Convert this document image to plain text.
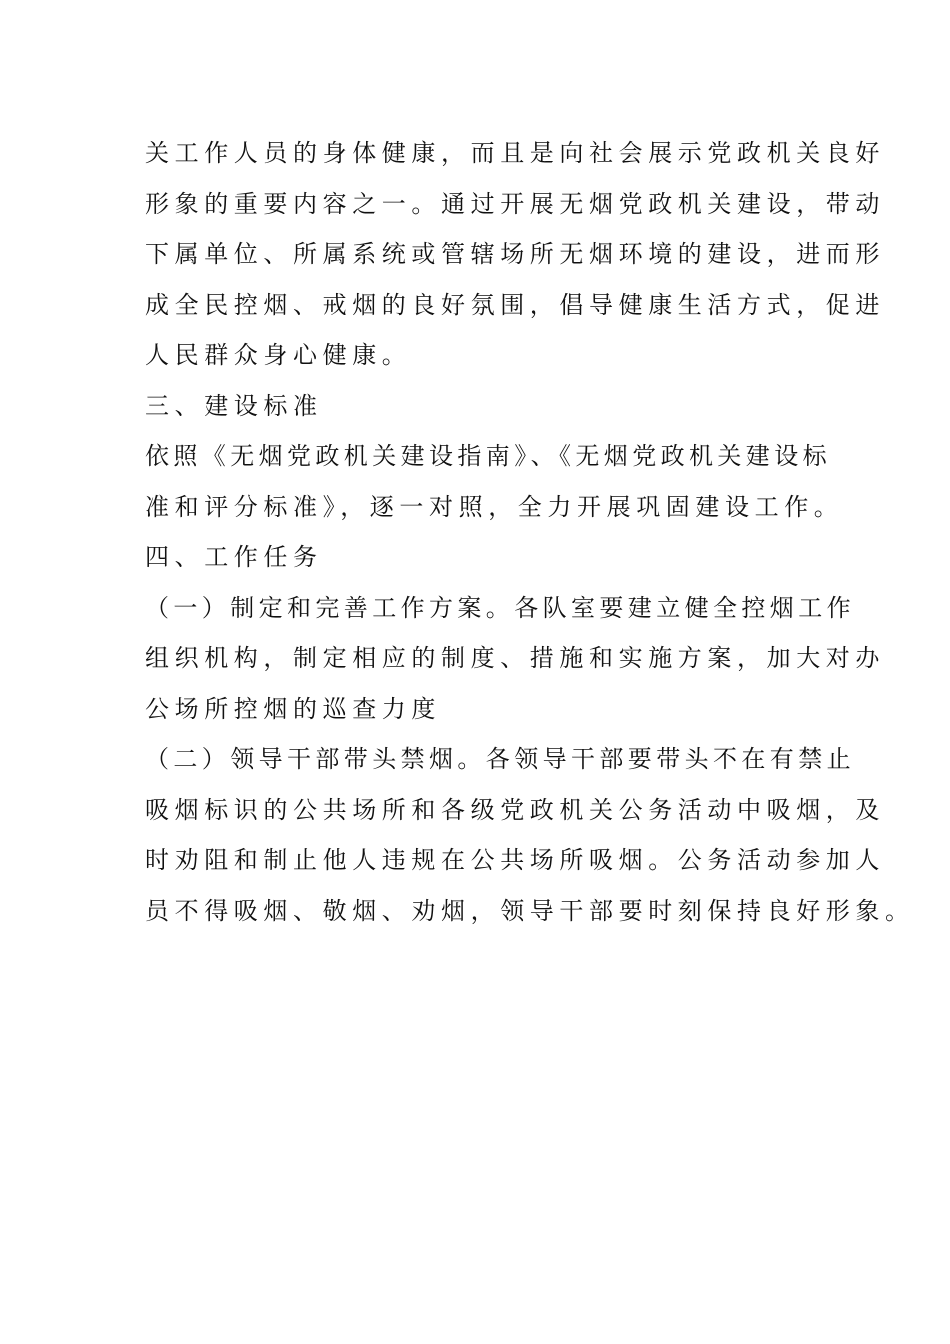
关工作人员的身体健康，而且是向社会展示党政机关良好
形象的重要内容之一。通过开展无烟党政机关建设，带动
下属单位、所属系统或管辖场所无烟环境的建设，进而形
成全民控烟、戒烟的良好氛围，倡导健康生活方式，促进
人民群众身心健康。
三、建设标准
依照《无烟党政机关建设指南》、《无烟党政机关建设标
准和评分标准》，逐一对照，全力开展巩固建设工作。
四、工作任务
（一）制定和完善工作方案。各队室要建立健全控烟工作
组织机构，制定相应的制度、措施和实施方案，加大对办
公场所控烟的巡查力度
（二）领导干部带头禁烟。各领导干部要带头不在有禁止
吸烟标识的公共场所和各级党政机关公务活动中吸烟，及
时劝阻和制止他人违规在公共场所吸烟。公务活动参加人
员不得吸烟、敬烟、劝烟，领导干部要时刻保持良好形象。
